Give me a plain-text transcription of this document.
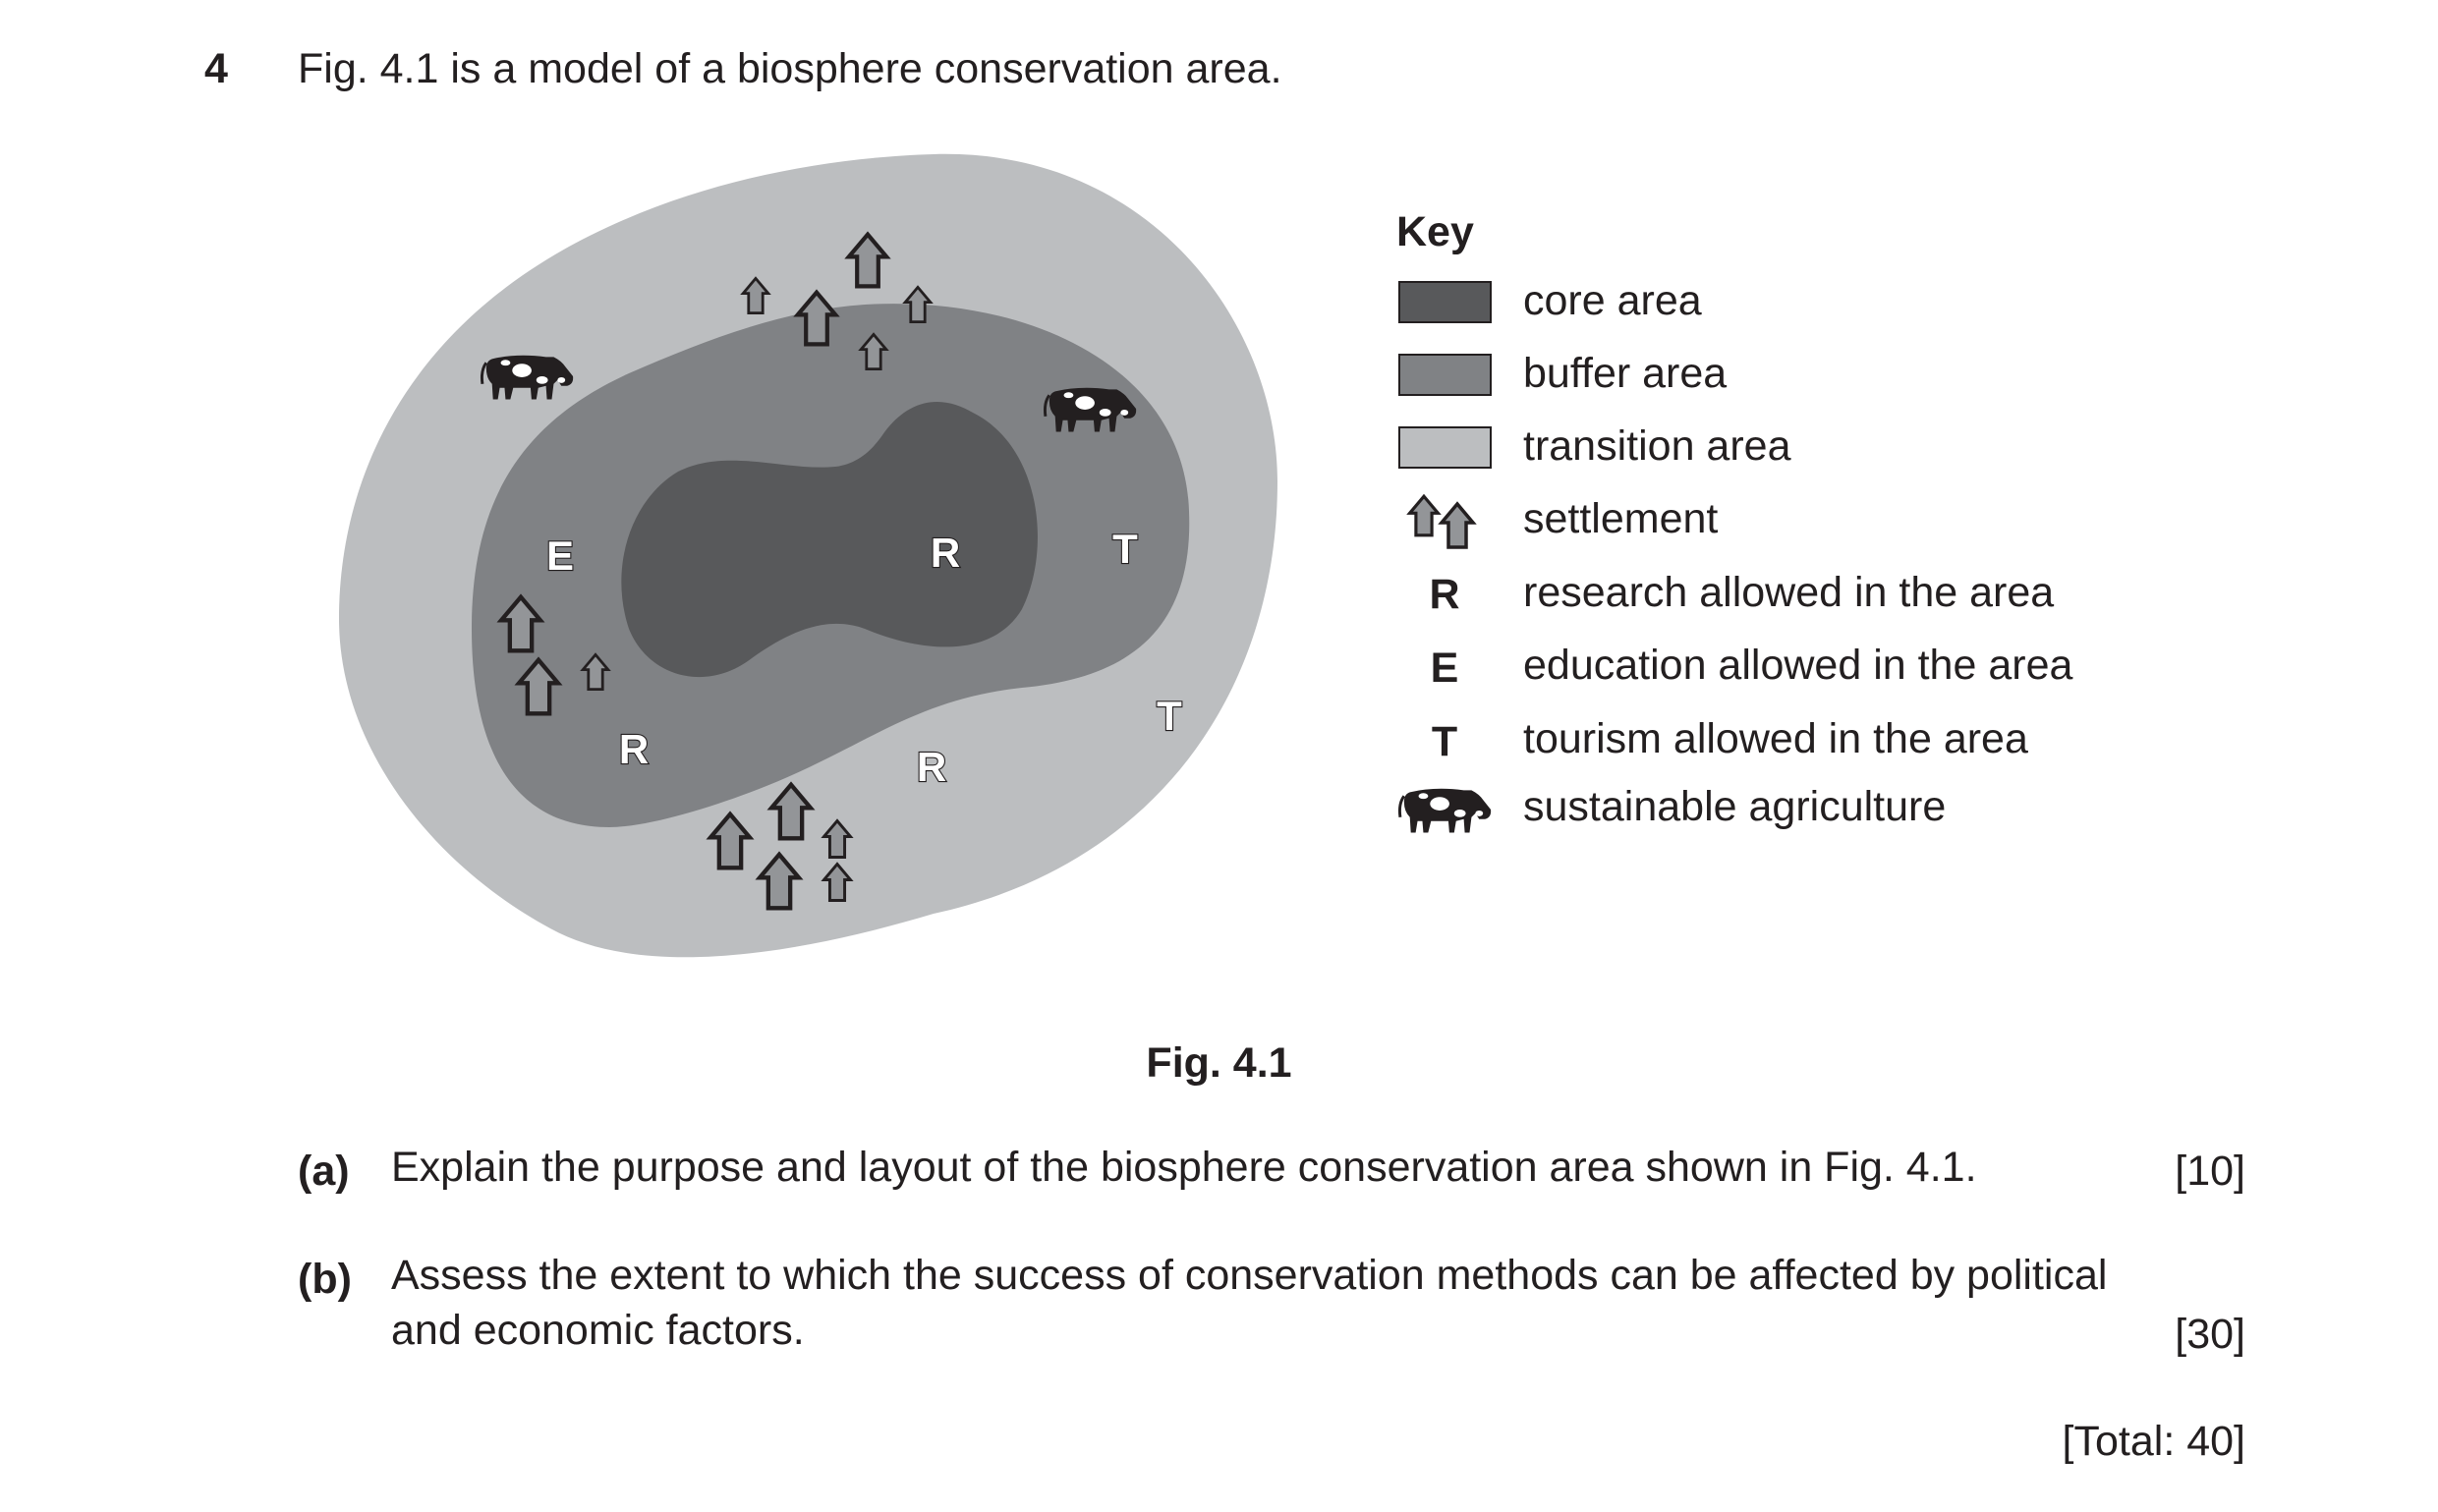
4 Fig. 4.1 is a model of a biosphere conservation area.
R
E	T
R
T
R
Key
core area
buffer area
transition area
settlement
R research allowed in the area
E education allowed in the area
T tourism allowed in the area
sustainable agriculture
Fig. 4.1
(a) Explain the purpose and layout of the biosphere conservation area shown in Fig. 4.1.	[10]
(b) Assess the extent to which the success of conservation methods can be affected by political
and economic factors.	[30]
[Total: 40]
